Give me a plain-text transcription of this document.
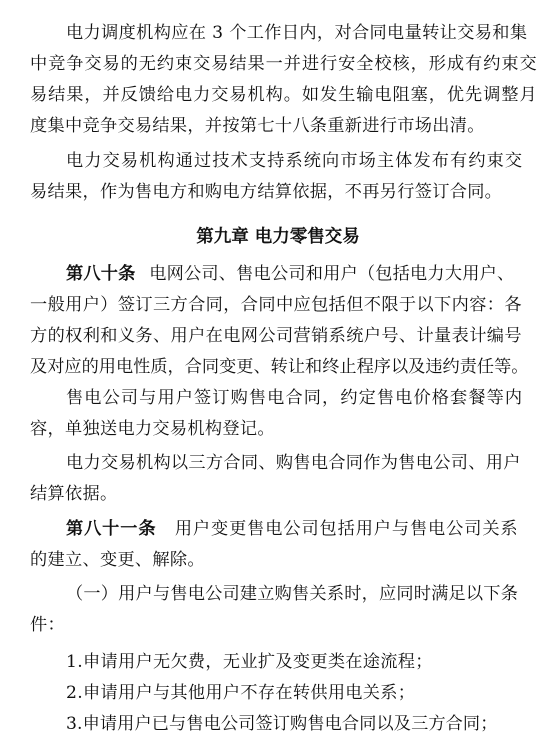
电力调度机构应在 3 个工作日内，对合同电量转让交易和集

中竞争交易的无约束交易结果一并进行安全校核，形成有约束交

易结果，并反馈给电力交易机构。如发生输电阻塞，优先调整月

度集中竞争交易结果，并按第七十八条重新进行市场出清。

电力交易机构通过技术支持系统向市场主体发布有约束交

易结果，作为售电方和购电方结算依据，不再另行签订合同。

第九章 电力零售交易

第八十条 电网公司、售电公司和用户（包括电力大用户、

一般用户）签订三方合同，合同中应包括但不限于以下内容：各

方的权利和义务、用户在电网公司营销系统户号、计量表计编号

及对应的用电性质，合同变更、转让和终止程序以及违约责任等。

售电公司与用户签订购售电合同，约定售电价格套餐等内

容，单独送电力交易机构登记。

电力交易机构以三方合同、购售电合同作为售电公司、用户

结算依据。

第八十一条 用户变更售电公司包括用户与售电公司关系

的建立、变更、解除。

（一）用户与售电公司建立购售关系时，应同时满足以下条

件：

1.申请用户无欠费，无业扩及变更类在途流程；

2.申请用户与其他用户不存在转供用电关系；

3.申请用户已与售电公司签订购售电合同以及三方合同；
